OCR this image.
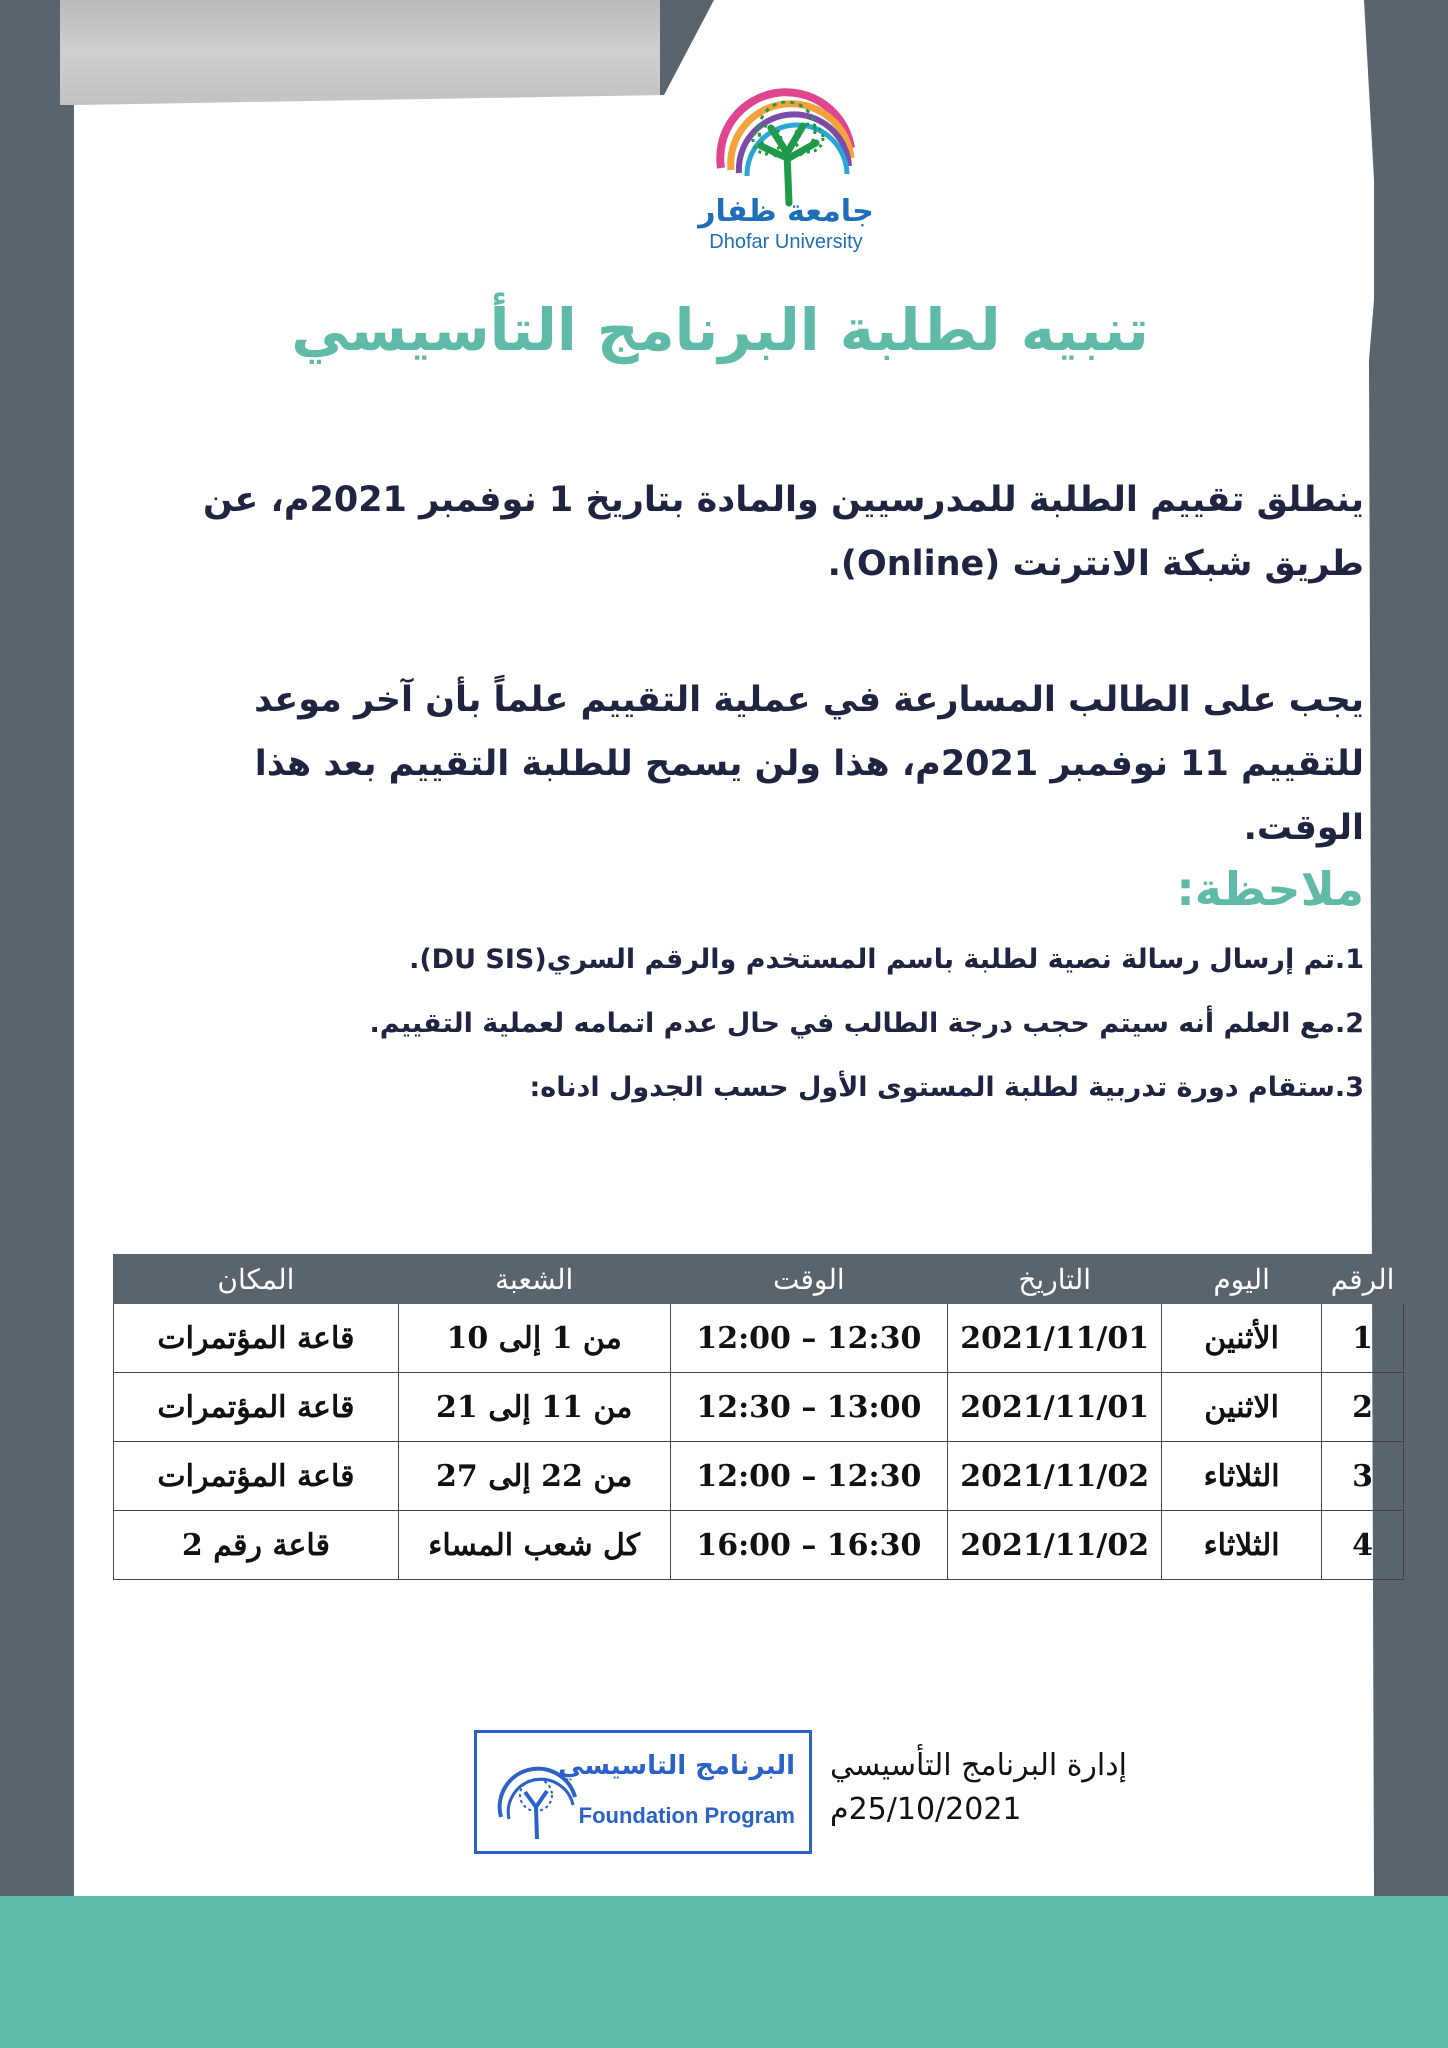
جامعة ظفار
Dhofar University
تنبيه لطلبة البرنامج التأسيسي
ينطلق تقييم الطلبة للمدرسيين والمادة بتاريخ 1 نوفمبر 2021م، عن طريق شبكة الانترنت (Online).
يجب على الطالب المسارعة في عملية التقييم علماً بأن آخر موعد للتقييم 11 نوفمبر 2021م، هذا ولن يسمح للطلبة التقييم بعد هذا الوقت.
ملاحظة:
1.تم إرسال رسالة نصية لطلبة باسم المستخدم والرقم السري(DU SIS).
2.مع العلم أنه سيتم حجب درجة الطالب في حال عدم اتمامه لعملية التقييم.
3.ستقام دورة تدربية لطلبة المستوى الأول حسب الجدول ادناه:
الرقم	اليوم	التاريخ	الوقت	الشعبة	المكان
1	الأثنين	2021/11/01	12:00 – 12:30	من 1 إلى 10	قاعة المؤتمرات
2	الاثنين	2021/11/01	12:30 – 13:00	من 11 إلى 21	قاعة المؤتمرات
3	الثلاثاء	2021/11/02	12:00 – 12:30	من 22 إلى 27	قاعة المؤتمرات
4	الثلاثاء	2021/11/02	16:00 – 16:30	كل شعب المساء	قاعة رقم 2
البرنامج التاسيسي
Foundation Program
إدارة البرنامج التأسيسي
25/10/2021م
